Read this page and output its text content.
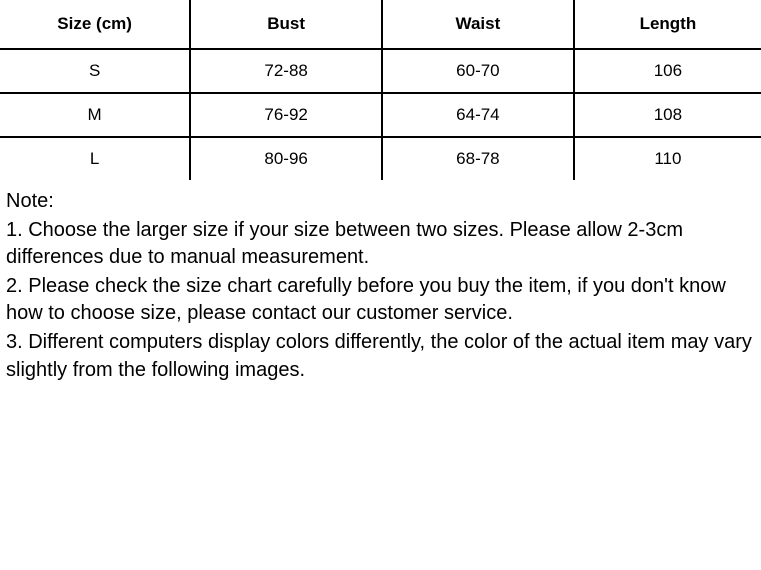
Size (cm)	Bust	Waist	Length
S	72-88	60-70	106
M	76-92	64-74	108
L	80-96	68-78	110

Note:

1. Choose the larger size if your size between two sizes. Please allow 2-3cm differences due to manual measurement.

2. Please check the size chart carefully before you buy the item, if you don't know how to choose size, please contact our customer service.

3. Different computers display colors differently, the color of the actual item may vary slightly from the following images.
